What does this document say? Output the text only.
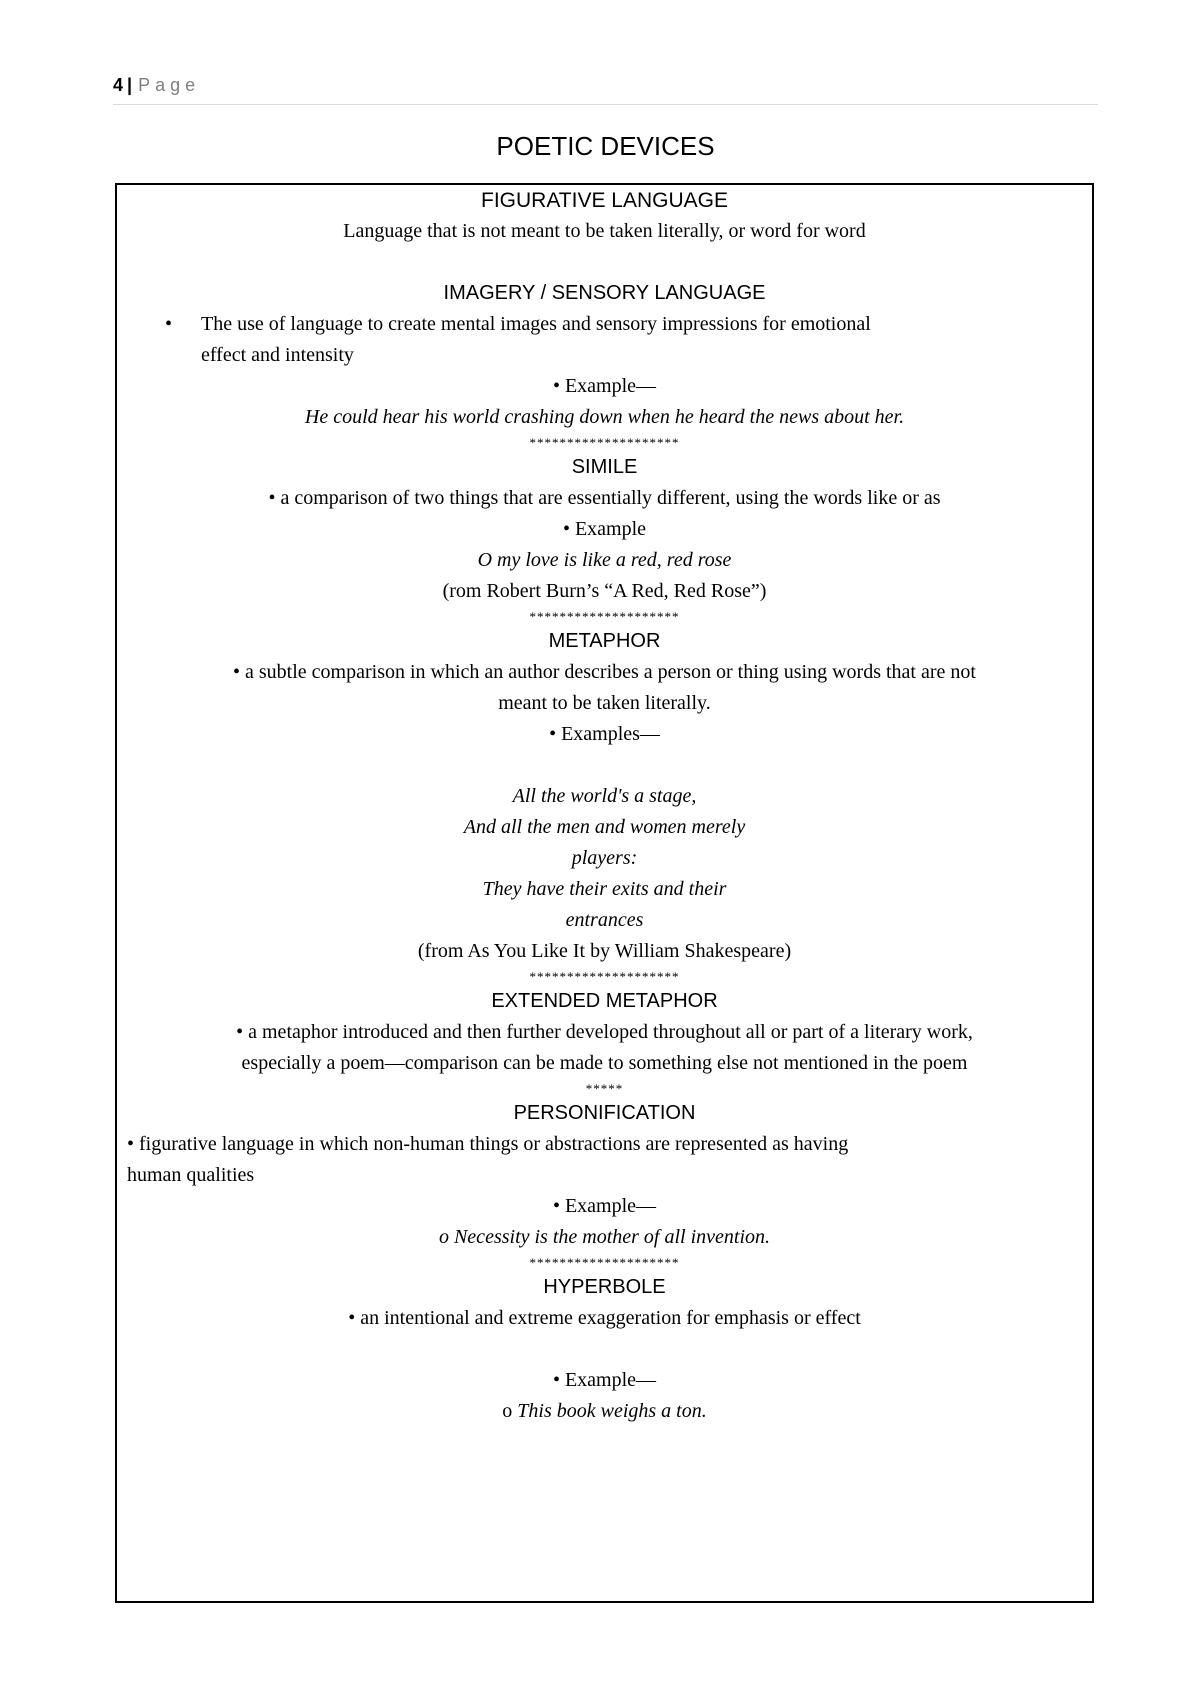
4 | Page
POETIC DEVICES
FIGURATIVE LANGUAGE
Language that is not meant to be taken literally, or word for word
IMAGERY / SENSORY LANGUAGE
•	The use of language to create mental images and sensory impressions for emotional
effect and intensity
• Example—
He could hear his world crashing down when he heard the news about her.
********************
SIMILE
• a comparison of two things that are essentially different, using the words like or as
• Example
O my love is like a red, red rose
(rom Robert Burn’s “A Red, Red Rose”)
********************
METAPHOR
• a subtle comparison in which an author describes a person or thing using words that are not
meant to be taken literally.
• Examples—
All the world's a stage,
And all the men and women merely
players:
They have their exits and their
entrances
(from As You Like It by William Shakespeare)
********************
EXTENDED METAPHOR
• a metaphor introduced and then further developed throughout all or part of a literary work,
especially a poem—comparison can be made to something else not mentioned in the poem
*****
PERSONIFICATION
• figurative language in which non-human things or abstractions are represented as having
human qualities
• Example—
o Necessity is the mother of all invention.
********************
HYPERBOLE
• an intentional and extreme exaggeration for emphasis or effect
• Example—
o This book weighs a ton.
